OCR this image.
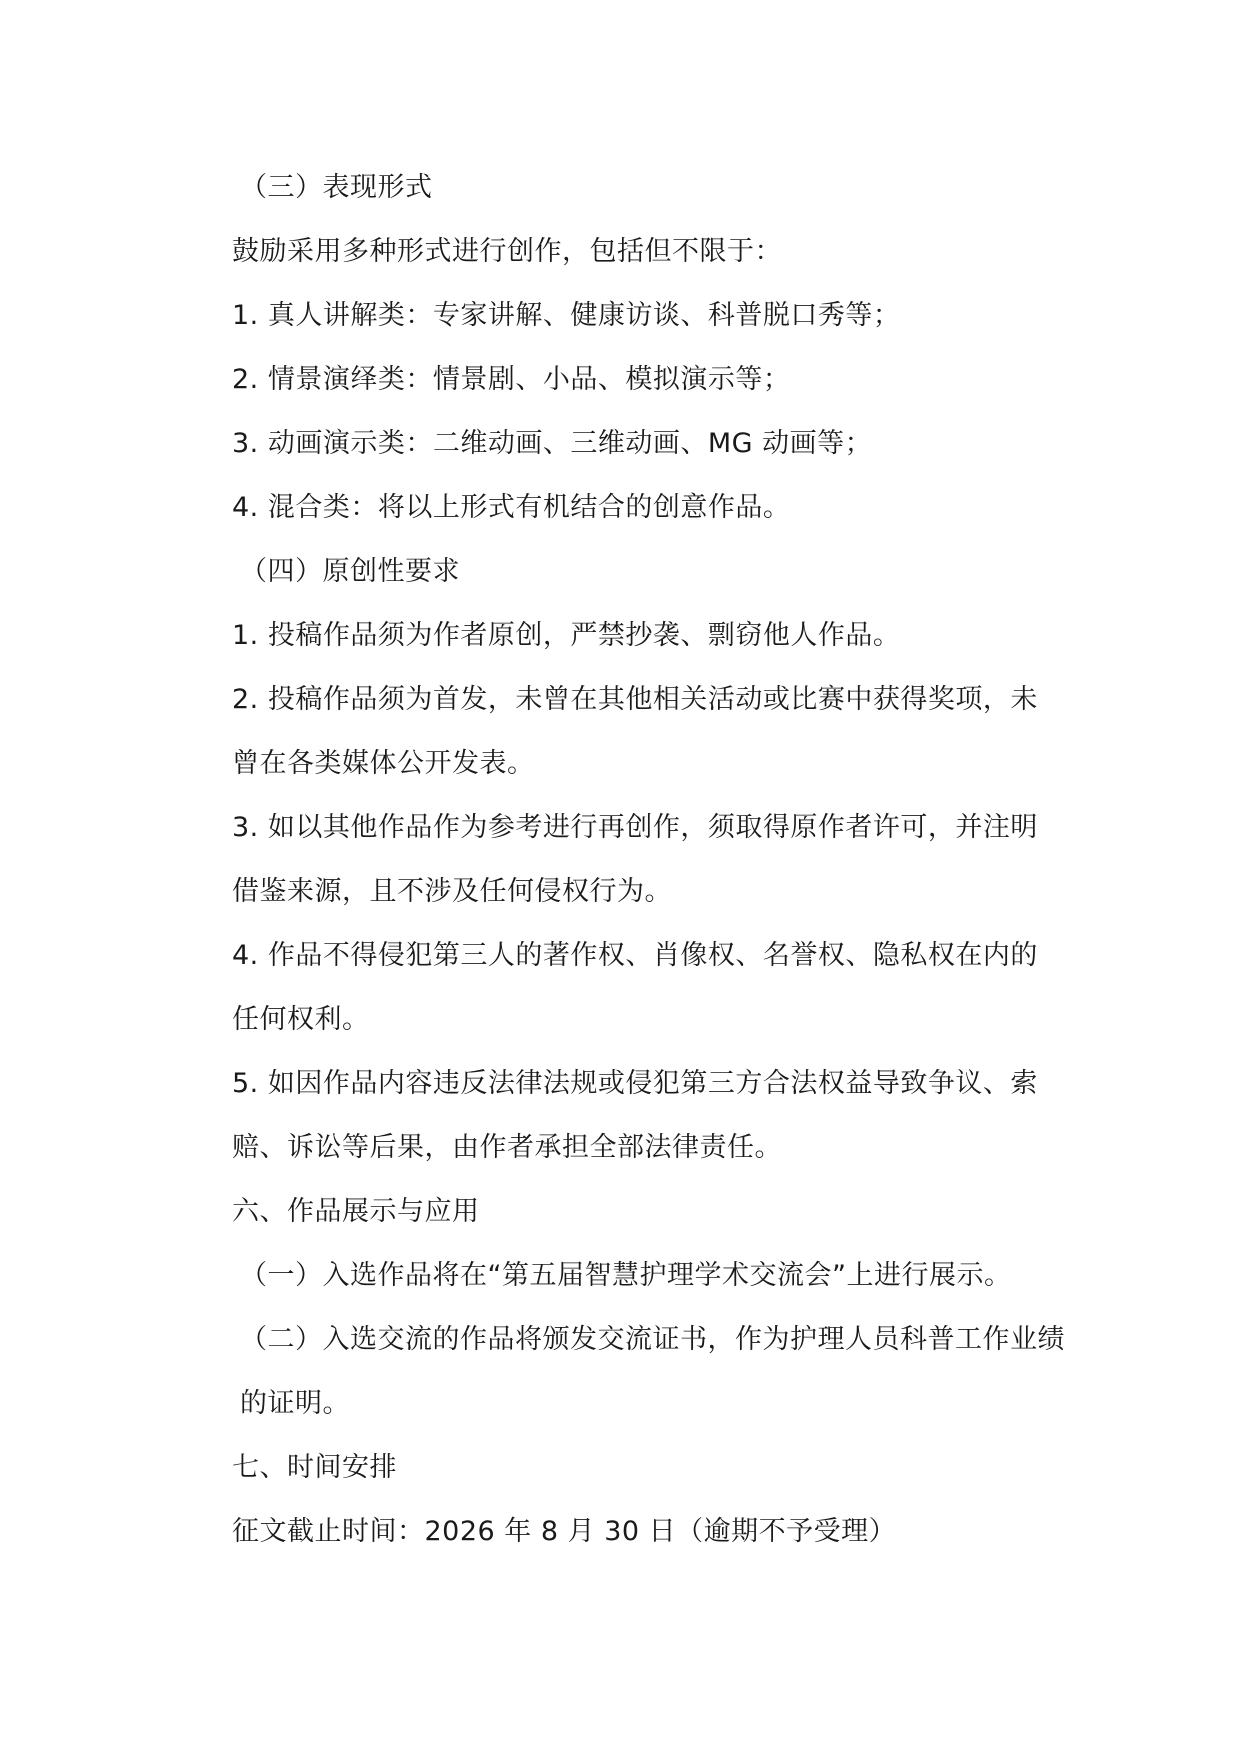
（三）表现形式
鼓励采用多种形式进行创作，包括但不限于：
1. 真人讲解类：专家讲解、健康访谈、科普脱口秀等；
2. 情景演绎类：情景剧、小品、模拟演示等；
3. 动画演示类：二维动画、三维动画、MG 动画等；
4. 混合类：将以上形式有机结合的创意作品。
（四）原创性要求
1. 投稿作品须为作者原创，严禁抄袭、剽窃他人作品。
2. 投稿作品须为首发，未曾在其他相关活动或比赛中获得奖项，未
曾在各类媒体公开发表。
3. 如以其他作品作为参考进行再创作，须取得原作者许可，并注明
借鉴来源，且不涉及任何侵权行为。
4. 作品不得侵犯第三人的著作权、肖像权、名誉权、隐私权在内的
任何权利。
5. 如因作品内容违反法律法规或侵犯第三方合法权益导致争议、索
赔、诉讼等后果，由作者承担全部法律责任。
六、作品展示与应用
（一）入选作品将在“第五届智慧护理学术交流会”上进行展示。
（二）入选交流的作品将颁发交流证书，作为护理人员科普工作业绩
的证明。
七、时间安排
征文截止时间：2026 年 8 月 30 日（逾期不予受理）
